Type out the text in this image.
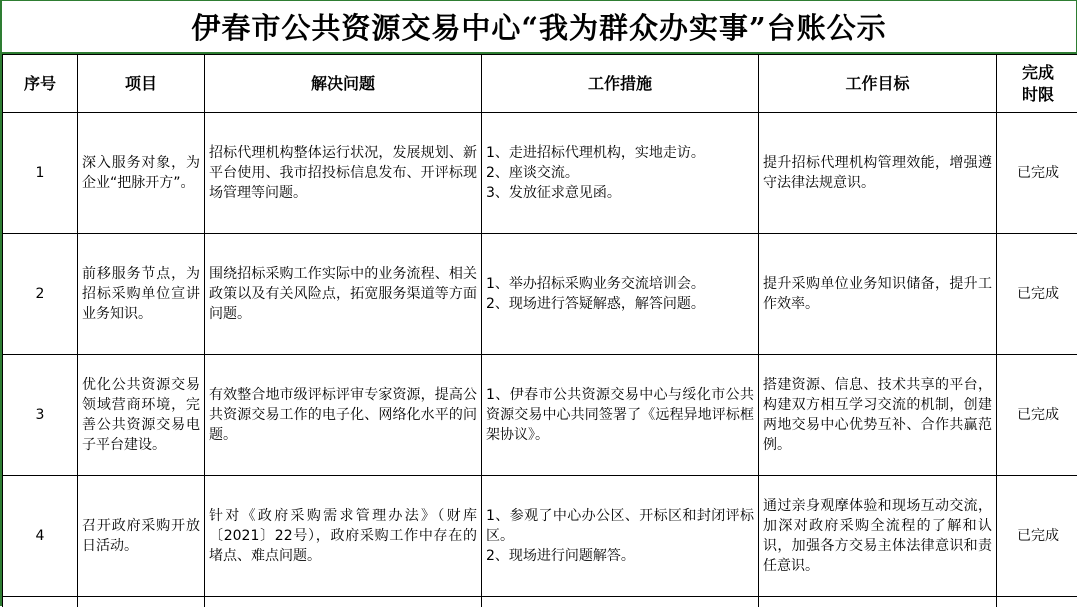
伊春市公共资源交易中心“我为群众办实事”台账公示
序号	项目	解决问题	工作措施	工作目标	完成
时限

1	深入服务对象，为企业“把脉开方”。	招标代理机构整体运行状况，发展规划、新平台使用、我市招投标信息发布、开评标现场管理等问题。	1、走进招标代理机构，实地走访。
2、座谈交流。
3、发放征求意见函。	提升招标代理机构管理效能，增强遵守法律法规意识。	已完成
2	前移服务节点，为招标采购单位宣讲业务知识。	围绕招标采购工作实际中的业务流程、相关政策以及有关风险点，拓宽服务渠道等方面问题。	1、举办招标采购业务交流培训会。
2、现场进行答疑解惑，解答问题。	提升采购单位业务知识储备，提升工作效率。	已完成
3	优化公共资源交易领域营商环境，完善公共资源交易电子平台建设。	有效整合地市级评标评审专家资源，提高公共资源交易工作的电子化、网络化水平的问题。	1、伊春市公共资源交易中心与绥化市公共资源交易中心共同签署了《远程异地评标框架协议》。	搭建资源、信息、技术共享的平台，构建双方相互学习交流的机制，创建两地交易中心优势互补、合作共赢范例。	已完成
4	召开政府采购开放日活动。	针对《政府采购需求管理办法》（财库〔2021〕22号），政府采购工作中存在的堵点、难点问题。	1、参观了中心办公区、开标区和封闭评标区。
2、现场进行问题解答。	通过亲身观摩体验和现场互动交流，加深对政府采购全流程的了解和认识，加强各方交易主体法律意识和责任意识。	已完成
